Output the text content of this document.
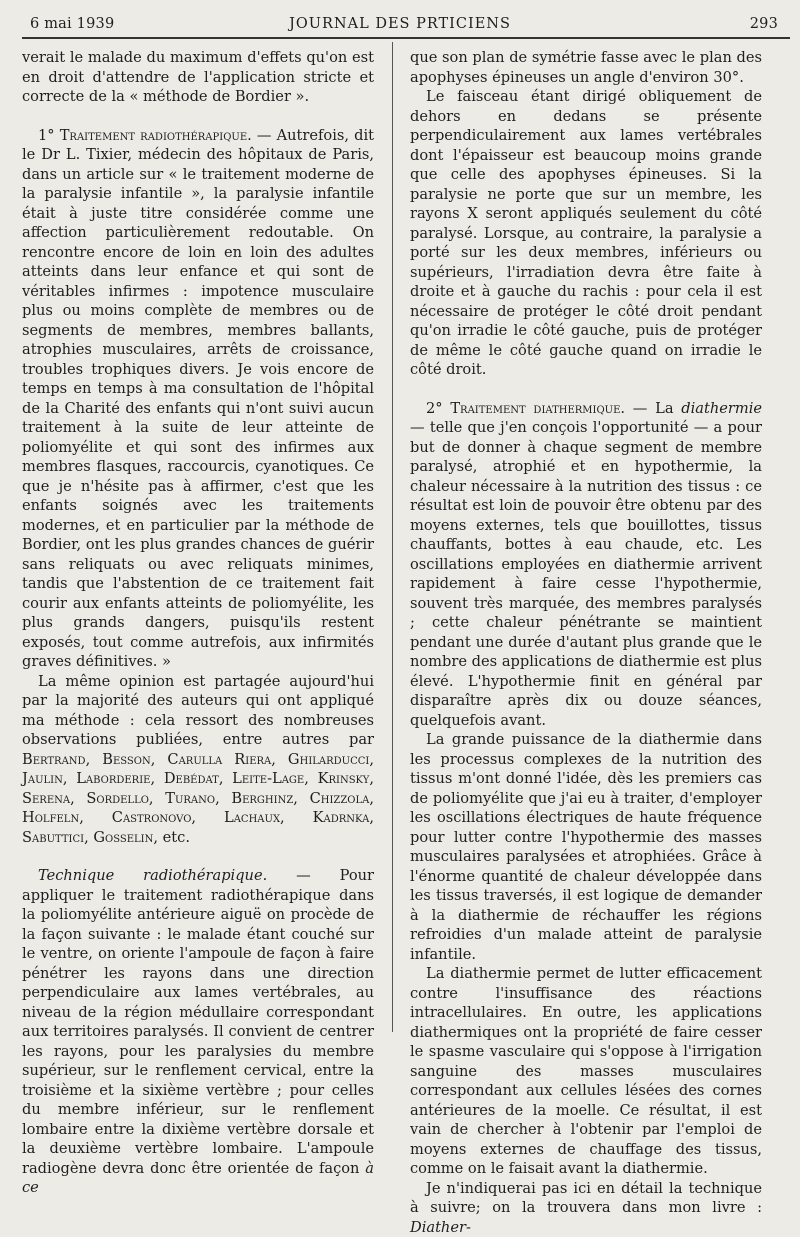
6 mai 1939	JOURNAL DES PRTICIENS	293

verait le malade du maximum d'effets qu'on est en droit d'attendre de l'application stricte et correcte de la « méthode de Bordier ».

1° Traitement radiothérapique. — Autrefois, dit le Dr L. Tixier, médecin des hôpitaux de Paris, dans un article sur « le traitement moderne de la paralysie infantile », la paralysie infantile était à juste titre considérée comme une affection particulièrement redoutable. On rencontre encore de loin en loin des adultes atteints dans leur enfance et qui sont de véritables infirmes : impotence musculaire plus ou moins complète de membres ou de segments de membres, membres ballants, atrophies musculaires, arrêts de croissance, troubles trophiques divers. Je vois encore de temps en temps à ma consultation de l'hôpital de la Charité des enfants qui n'ont suivi aucun traitement à la suite de leur atteinte de poliomyélite et qui sont des infirmes aux membres flasques, raccourcis, cyanotiques. Ce que je n'hésite pas à affirmer, c'est que les enfants soignés avec les traitements modernes, et en particulier par la méthode de Bordier, ont les plus grandes chances de guérir sans reliquats ou avec reliquats minimes, tandis que l'abstention de ce traitement fait courir aux enfants atteints de poliomyélite, les plus grands dangers, puisqu'ils restent exposés, tout comme autrefois, aux infirmités graves définitives. »

La même opinion est partagée aujourd'hui par la majorité des auteurs qui ont appliqué ma méthode : cela ressort des nombreuses observations publiées, entre autres par Bertrand, Besson, Carulla Riera, Ghilarducci, Jaulin, Laborderie, Debédat, Leite-Lage, Krinsky, Serena, Sordello, Turano, Berghinz, Chizzola, Holfeln, Castronovo, Lachaux, Kadrnka, Sabuttici, Gosselin, etc.

Technique radiothérapique. — Pour appliquer le traitement radiothérapique dans la poliomyélite antérieure aiguë on procède de la façon suivante : le malade étant couché sur le ventre, on oriente l'ampoule de façon à faire pénétrer les rayons dans une direction perpendiculaire aux lames vertébrales, au niveau de la région médullaire correspondant aux territoires paralysés. Il convient de centrer les rayons, pour les paralysies du membre supérieur, sur le renflement cervical, entre la troisième et la sixième vertèbre ; pour celles du membre inférieur, sur le renflement lombaire entre la dixième vertèbre dorsale et la deuxième vertèbre lombaire. L'ampoule radiogène devra donc être orientée de façon à ce

que son plan de symétrie fasse avec le plan des apophyses épineuses un angle d'environ 30°.

Le faisceau étant dirigé obliquement de dehors en dedans se présente perpendiculairement aux lames vertébrales dont l'épaisseur est beaucoup moins grande que celle des apophyses épineuses. Si la paralysie ne porte que sur un membre, les rayons X seront appliqués seulement du côté paralysé. Lorsque, au contraire, la paralysie a porté sur les deux membres, inférieurs ou supérieurs, l'irradiation devra être faite à droite et à gauche du rachis : pour cela il est nécessaire de protéger le côté droit pendant qu'on irradie le côté gauche, puis de protéger de même le côté gauche quand on irradie le côté droit.

2° Traitement diathermique. — La diathermie — telle que j'en conçois l'opportunité — a pour but de donner à chaque segment de membre paralysé, atrophié et en hypothermie, la chaleur nécessaire à la nutrition des tissus : ce résultat est loin de pouvoir être obtenu par des moyens externes, tels que bouillottes, tissus chauffants, bottes à eau chaude, etc. Les oscillations employées en diathermie arrivent rapidement à faire cesse l'hypothermie, souvent très marquée, des membres paralysés ; cette chaleur pénétrante se maintient pendant une durée d'autant plus grande que le nombre des applications de diathermie est plus élevé. L'hypothermie finit en général par disparaître après dix ou douze séances, quelquefois avant.

La grande puissance de la diathermie dans les processus complexes de la nutrition des tissus m'ont donné l'idée, dès les premiers cas de poliomyélite que j'ai eu à traiter, d'employer les oscillations électriques de haute fréquence pour lutter contre l'hypothermie des masses musculaires paralysées et atrophiées. Grâce à l'énorme quantité de chaleur développée dans les tissus traversés, il est logique de demander à la diathermie de réchauffer les régions refroidies d'un malade atteint de paralysie infantile.

La diathermie permet de lutter efficacement contre l'insuffisance des réactions intracellulaires. En outre, les applications diathermiques ont la propriété de faire cesser le spasme vasculaire qui s'oppose à l'irrigation sanguine des masses musculaires correspondant aux cellules lésées des cornes antérieures de la moelle. Ce résultat, il est vain de chercher à l'obtenir par l'emploi de moyens externes de chauffage des tissus, comme on le faisait avant la diathermie.

Je n'indiquerai pas ici en détail la technique à suivre; on la trouvera dans mon livre : Diather-
